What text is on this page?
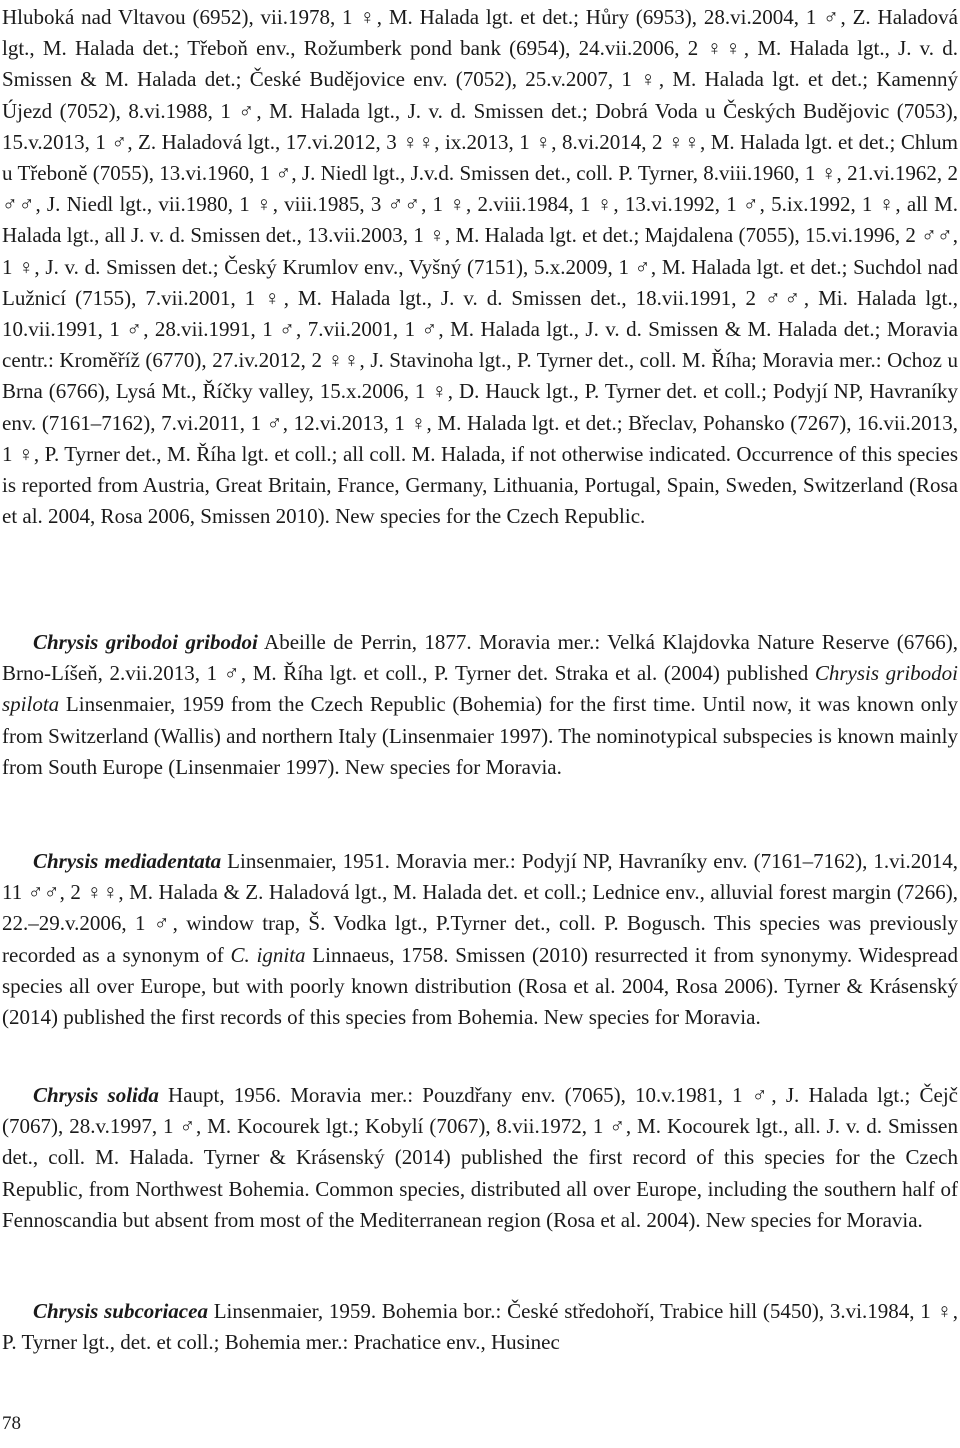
Hluboká nad Vltavou (6952), vii.1978, 1 ♀, M. Halada lgt. et det.; Hůry (6953), 28.vi.2004, 1 ♂, Z. Haladová lgt., M. Halada det.; Třeboň env., Rožumberk pond bank (6954), 24.vii.2006, 2 ♀♀, M. Halada lgt., J. v. d. Smissen & M. Halada det.; České Budějovice env. (7052), 25.v.2007, 1 ♀, M. Halada lgt. et det.; Kamenný Újezd (7052), 8.vi.1988, 1 ♂, M. Halada lgt., J. v. d. Smissen det.; Dobrá Voda u Českých Budějovic (7053), 15.v.2013, 1 ♂, Z. Haladová lgt., 17.vi.2012, 3 ♀♀, ix.2013, 1 ♀, 8.vi.2014, 2 ♀♀, M. Halada lgt. et det.; Chlum u Třeboně (7055), 13.vi.1960, 1 ♂, J. Niedl lgt., J.v.d. Smissen det., coll. P. Tyrner, 8.viii.1960, 1 ♀, 21.vi.1962, 2 ♂♂, J. Niedl lgt., vii.1980, 1 ♀, viii.1985, 3 ♂♂, 1 ♀, 2.viii.1984, 1 ♀, 13.vi.1992, 1 ♂, 5.ix.1992, 1 ♀, all M. Halada lgt., all J. v. d. Smissen det., 13.vii.2003, 1 ♀, M. Halada lgt. et det.; Majdalena (7055), 15.vi.1996, 2 ♂♂, 1 ♀, J. v. d. Smissen det.; Český Krumlov env., Vyšný (7151), 5.x.2009, 1 ♂, M. Halada lgt. et det.; Suchdol nad Lužnicí (7155), 7.vii.2001, 1 ♀, M. Halada lgt., J. v. d. Smissen det., 18.vii.1991, 2 ♂♂, Mi. Halada lgt., 10.vii.1991, 1 ♂, 28.vii.1991, 1 ♂, 7.vii.2001, 1 ♂, M. Halada lgt., J. v. d. Smissen & M. Halada det.; Moravia centr.: Kroměříž (6770), 27.iv.2012, 2 ♀♀, J. Stavinoha lgt., P. Tyrner det., coll. M. Říha; Moravia mer.: Ochoz u Brna (6766), Lysá Mt., Říčky valley, 15.x.2006, 1 ♀, D. Hauck lgt., P. Tyrner det. et coll.; Podyjí NP, Havraníky env. (7161–7162), 7.vi.2011, 1 ♂, 12.vi.2013, 1 ♀, M. Halada lgt. et det.; Břeclav, Pohansko (7267), 16.vii.2013, 1 ♀, P. Tyrner det., M. Říha lgt. et coll.; all coll. M. Halada, if not otherwise indicated. Occurrence of this species is reported from Austria, Great Britain, France, Germany, Lithuania, Portugal, Spain, Sweden, Switzerland (Rosa et al. 2004, Rosa 2006, Smissen 2010). New species for the Czech Republic.

Chrysis gribodoi gribodoi Abeille de Perrin, 1877. Moravia mer.: Velká Klajdovka Nature Reserve (6766), Brno-Líšeň, 2.vii.2013, 1 ♂, M. Říha lgt. et coll., P. Tyrner det. Straka et al. (2004) published Chrysis gribodoi spilota Linsenmaier, 1959 from the Czech Republic (Bohemia) for the first time. Until now, it was known only from Switzerland (Wallis) and northern Italy (Linsenmaier 1997). The nominotypical subspecies is known mainly from South Europe (Linsenmaier 1997). New species for Moravia.

Chrysis mediadentata Linsenmaier, 1951. Moravia mer.: Podyjí NP, Havraníky env. (7161–7162), 1.vi.2014, 11 ♂♂, 2 ♀♀, M. Halada & Z. Haladová lgt., M. Halada det. et coll.; Lednice env., alluvial forest margin (7266), 22.–29.v.2006, 1 ♂, window trap, Š. Vodka lgt., P.Tyrner det., coll. P. Bogusch. This species was previously recorded as a synonym of C. ignita Linnaeus, 1758. Smissen (2010) resurrected it from synonymy. Widespread species all over Europe, but with poorly known distribution (Rosa et al. 2004, Rosa 2006). Tyrner & Krásenský (2014) published the first records of this species from Bohemia. New species for Moravia.

Chrysis solida Haupt, 1956. Moravia mer.: Pouzdřany env. (7065), 10.v.1981, 1 ♂, J. Halada lgt.; Čejč (7067), 28.v.1997, 1 ♂, M. Kocourek lgt.; Kobylí (7067), 8.vii.1972, 1 ♂, M. Kocourek lgt., all. J. v. d. Smissen det., coll. M. Halada. Tyrner & Krásenský (2014) published the first record of this species for the Czech Republic, from Northwest Bohemia. Common species, distributed all over Europe, including the southern half of Fennoscandia but absent from most of the Mediterranean region (Rosa et al. 2004). New species for Moravia.

Chrysis subcoriacea Linsenmaier, 1959. Bohemia bor.: České středohoří, Trabice hill (5450), 3.vi.1984, 1 ♀, P. Tyrner lgt., det. et coll.; Bohemia mer.: Prachatice env., Husinec

78
